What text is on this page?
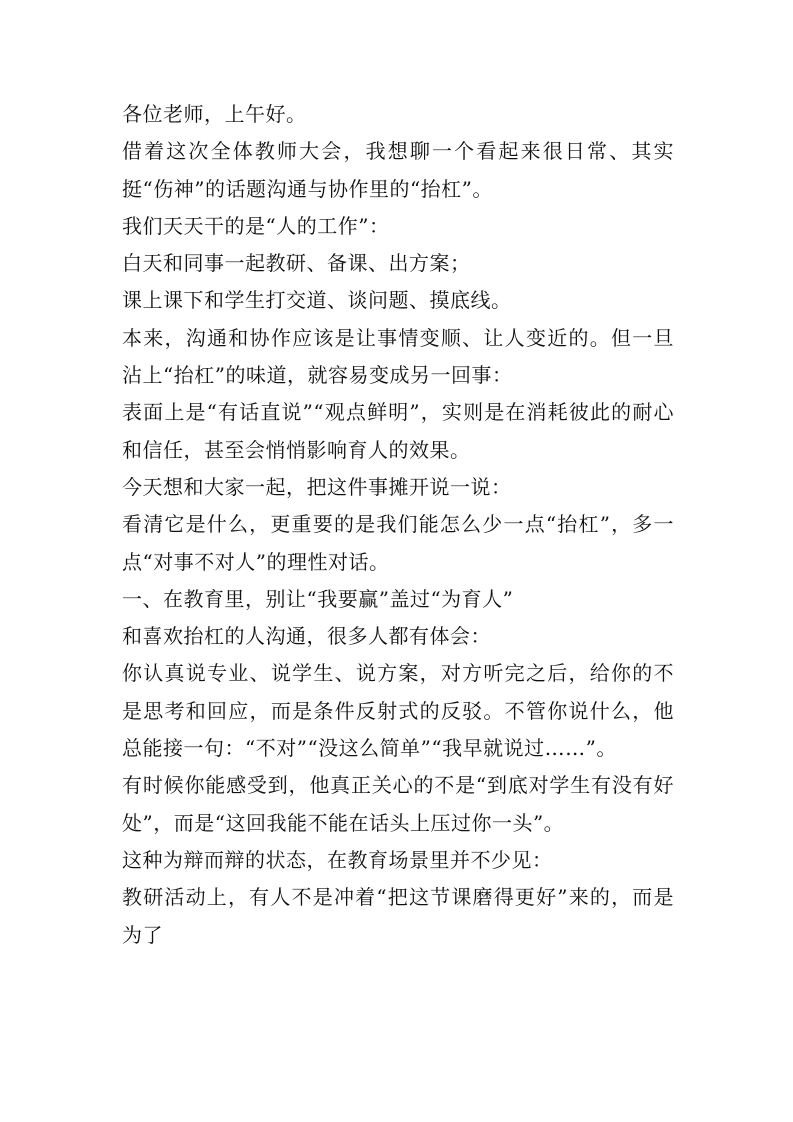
各位老师，上午好。

借着这次全体教师大会，我想聊一个看起来很日常、其实挺“伤神”的话题沟通与协作里的“抬杠”。

我们天天干的是“人的工作”：

白天和同事一起教研、备课、出方案；

课上课下和学生打交道、谈问题、摸底线。

本来，沟通和协作应该是让事情变顺、让人变近的。但一旦沾上“抬杠”的味道，就容易变成另一回事：

表面上是“有话直说”“观点鲜明”，实则是在消耗彼此的耐心和信任，甚至会悄悄影响育人的效果。

今天想和大家一起，把这件事摊开说一说：

看清它是什么，更重要的是我们能怎么少一点“抬杠”，多一点“对事不对人”的理性对话。

一、在教育里，别让“我要赢”盖过“为育人”

和喜欢抬杠的人沟通，很多人都有体会：

你认真说专业、说学生、说方案，对方听完之后，给你的不是思考和回应，而是条件反射式的反驳。不管你说什么，他总能接一句：“不对”“没这么简单”“我早就说过……”。

有时候你能感受到，他真正关心的不是“到底对学生有没有好处”，而是“这回我能不能在话头上压过你一头”。

这种为辩而辩的状态，在教育场景里并不少见：

教研活动上，有人不是冲着“把这节课磨得更好”来的，而是为了
